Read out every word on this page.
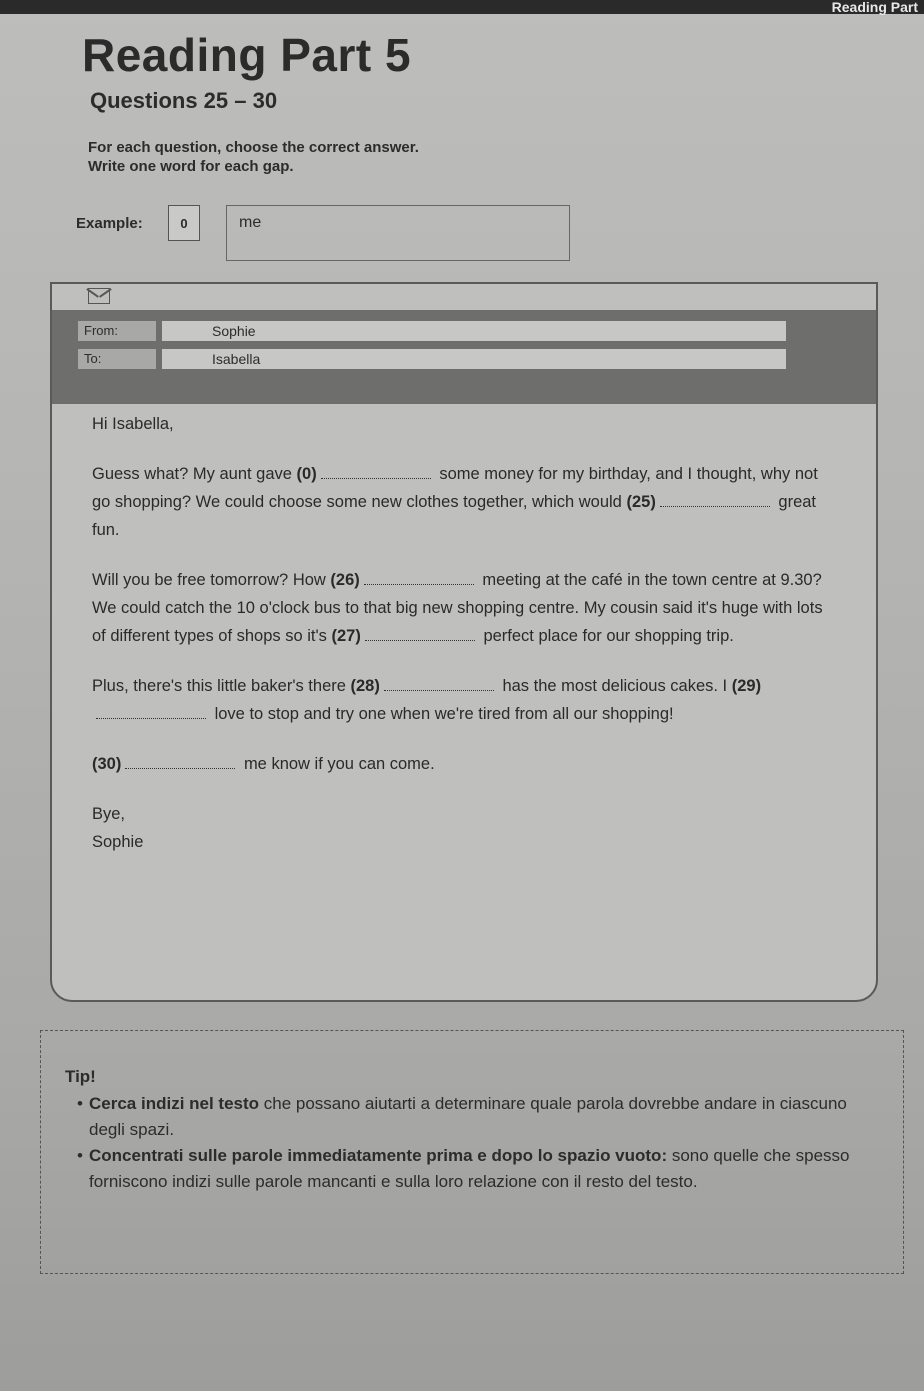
Reading Part
Reading Part 5
Questions 25 – 30
For each question, choose the correct answer.
Write one word for each gap.
Example:	0	me
From:	Sophie
To:	Isabella

Hi Isabella,

Guess what? My aunt gave (0)	some money for my birthday, and I thought, why not go shopping? We could choose some new clothes together, which would (25)	great fun.

Will you be free tomorrow? How (26)	meeting at the café in the town centre at 9.30? We could catch the 10 o'clock bus to that big new shopping centre. My cousin said it's huge with lots of different types of shops so it's (27)	perfect place for our shopping trip.

Plus, there's this little baker's there (28)	has the most delicious cakes. I (29) love to stop and try one when we're tired from all our shopping!

(30)	me know if you can come.

Bye,

Sophie

Tip!

• Cerca indizi nel testo che possano aiutarti a determinare quale parola dovrebbe andare in ciascuno degli spazi.
• Concentrati sulle parole immediatamente prima e dopo lo spazio vuoto: sono quelle che spesso forniscono indizi sulle parole mancanti e sulla loro relazione con il resto del testo.
